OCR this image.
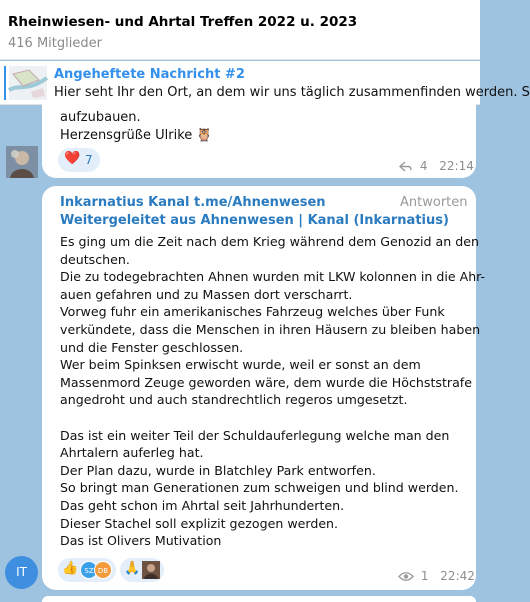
Rheinwiesen- und Ahrtal Treffen 2022 u. 2023
416 Mitglieder
Angeheftete Nachricht #2
Hier seht Ihr den Ort, an dem wir uns täglich zusammenfinden werden. S
aufzubauen.
Herzensgrüße Ulrike 🦉
❤️ 7	4 22:14
Inkarnatius Kanal t.me/Ahnenwesen
Weitergeleitet aus Ahnenwesen | Kanal (Inkarnatius)
Antworten
Es ging um die Zeit nach dem Krieg während dem Genozid an den
deutschen.
Die zu todegebrachten Ahnen wurden mit LKW kolonnen in die Ahr-
auen gefahren und zu Massen dort verscharrt.
Vorweg fuhr ein amerikanisches Fahrzeug welches über Funk
verkündete, dass die Menschen in ihren Häusern zu bleiben haben
und die Fenster geschlossen.
Wer beim Spinksen erwischt wurde, weil er sonst an dem
Massenmord Zeuge geworden wäre, dem wurde die Höchststrafe
angedroht und auch standrechtlich regeros umgesetzt.
Das ist ein weiter Teil der Schuldauferlegung welche man den
Ahrtalern auferleg hat.
Der Plan dazu, wurde in Blatchley Park entworfen.
So bringt man Generationen zum schweigen und blind werden.
Das geht schon im Ahrtal seit Jahrhunderten.
Dieser Stachel soll explizit gezogen werden.
Das ist Olivers Mutivation
👍 SZ DB	🙏	1 22:42
IT
